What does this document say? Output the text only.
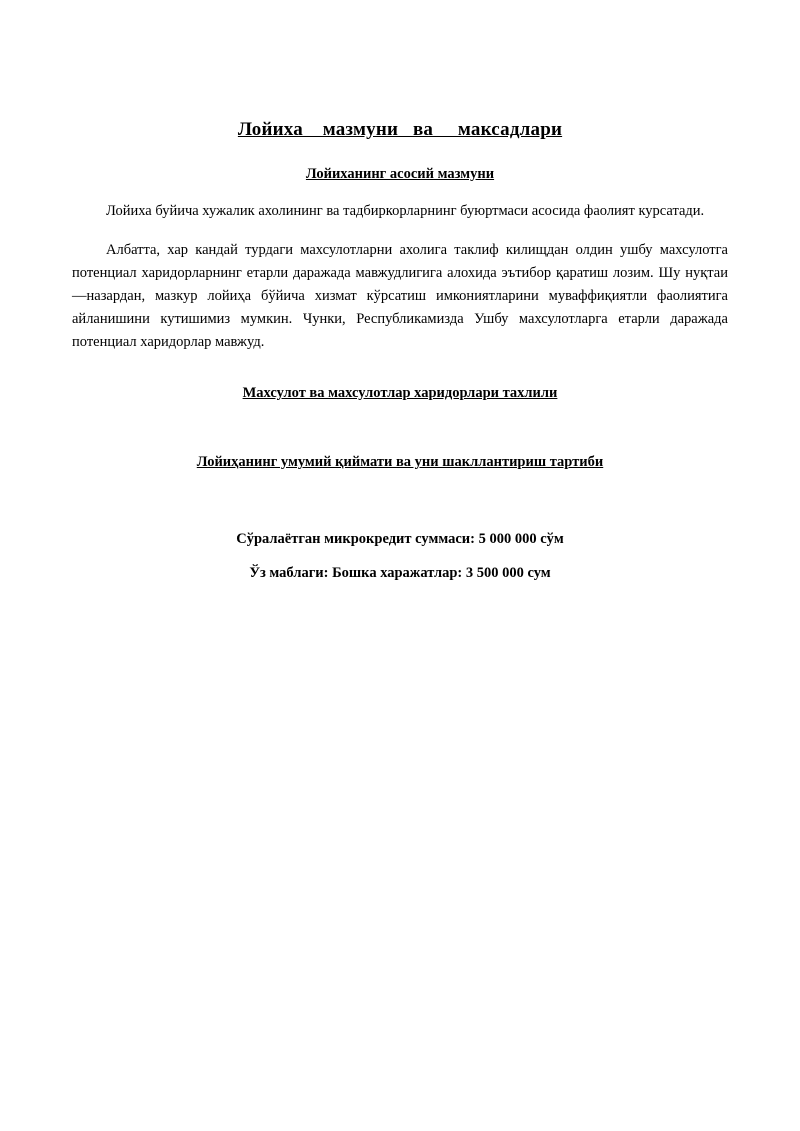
Лойиха    мазмуни   ва     максадлари
Лойиханинг асосий мазмуни

Лойиха буйича хужалик ахолининг ва тадбиркорларнинг буюртмаси асосида фаолият курсатади.

Албатта, хар кандай турдаги махсулотларни ахолига таклиф килищдан олдин ушбу махсулотга потенциал харидорларнинг етарли даражада мавжудлигига алохида эътибор қаратиш лозим. Шу нуқтаи—назардан, мазкур лойиҳа бўйича хизмат кўрсатиш имкониятларини муваффиқиятли фаолиятига айланишини кутишимиз мумкин. Чунки, Республикамизда Ушбу махсулотларга етарли даражада потенциал харидорлар мавжуд.

Махсулот ва махсулотлар харидорлари тахлили
Лойиҳанинг умумий қиймати ва уни шакллантириш тартиби

Сўралаётган микрокредит суммаси: 5 000 000 сўм

Ўз маблаги: Бошка харажатлар: 3 500 000 сум
